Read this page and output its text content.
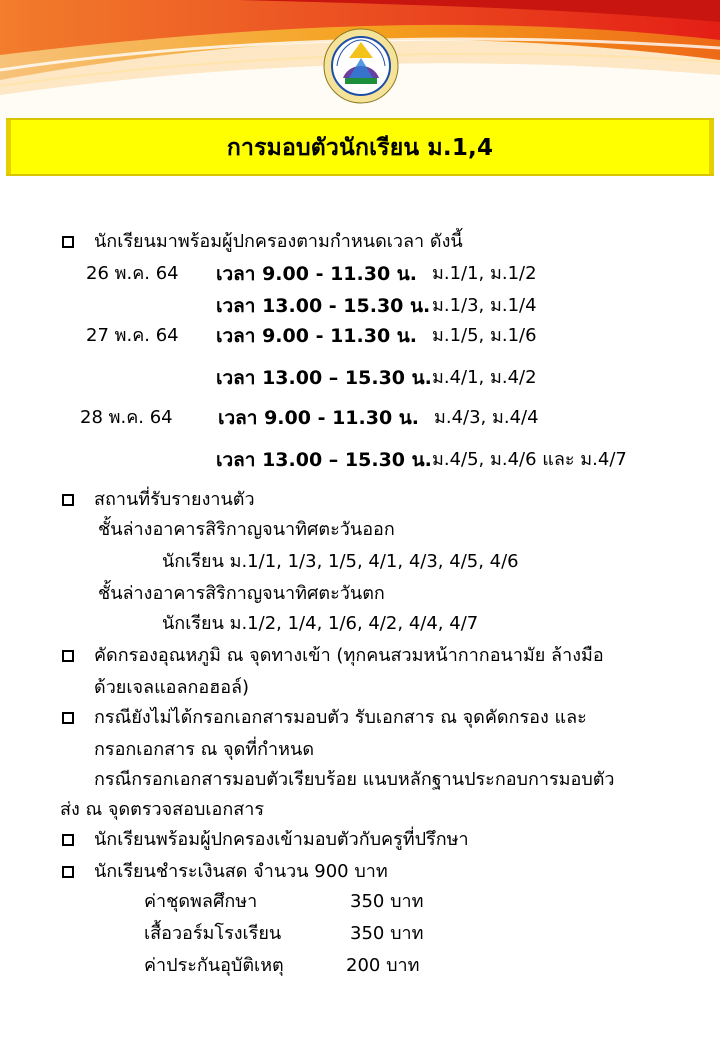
การมอบตัวนักเรียน ม.1,4
นักเรียนมาพร้อมผู้ปกครองตามกำหนดเวลา ดังนี้
26 พ.ค. 64 เวลา 9.00 - 11.30 น. ม.1/1, ม.1/2
เวลา 13.00 - 15.30 น. ม.1/3, ม.1/4
27 พ.ค. 64 เวลา 9.00 - 11.30 น. ม.1/5, ม.1/6
เวลา 13.00 – 15.30 น. ม.4/1, ม.4/2
28 พ.ค. 64 เวลา 9.00 - 11.30 น. ม.4/3, ม.4/4
เวลา 13.00 – 15.30 น. ม.4/5, ม.4/6 และ ม.4/7
สถานที่รับรายงานตัว
ชั้นล่างอาคารสิริกาญจนาทิศตะวันออก
นักเรียน ม.1/1, 1/3, 1/5, 4/1, 4/3, 4/5, 4/6
ชั้นล่างอาคารสิริกาญจนาทิศตะวันตก
นักเรียน ม.1/2, 1/4, 1/6, 4/2, 4/4, 4/7
คัดกรองอุณหภูมิ ณ จุดทางเข้า (ทุกคนสวมหน้ากากอนามัย ล้างมือ
ด้วยเจลแอลกอฮอล์)
กรณียังไม่ได้กรอกเอกสารมอบตัว รับเอกสาร ณ จุดคัดกรอง และ
กรอกเอกสาร ณ จุดที่กำหนด
กรณีกรอกเอกสารมอบตัวเรียบร้อย แนบหลักฐานประกอบการมอบตัว
ส่ง ณ จุดตรวจสอบเอกสาร
นักเรียนพร้อมผู้ปกครองเข้ามอบตัวกับครูที่ปรึกษา
นักเรียนชำระเงินสด จำนวน 900 บาท
ค่าชุดพลศึกษา	350 บาท
เสื้อวอร์มโรงเรียน	350 บาท
ค่าประกันอุบัติเหตุ	200 บาท
